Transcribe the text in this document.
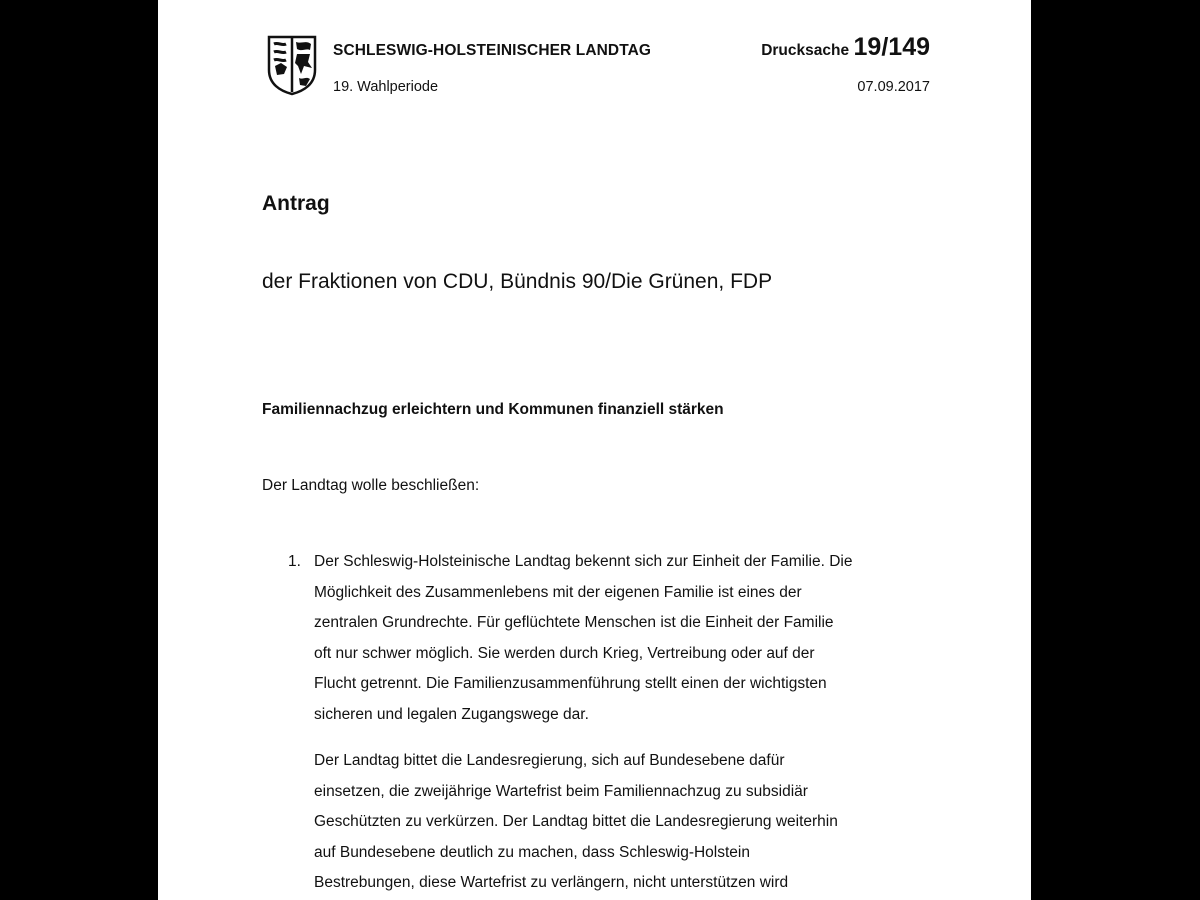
SCHLESWIG-HOLSTEINISCHER LANDTAG
19. Wahlperiode
Drucksache 19/149
07.09.2017
Antrag
der Fraktionen von CDU, Bündnis 90/Die Grünen, FDP
Familiennachzug erleichtern und Kommunen finanziell stärken
Der Landtag wolle beschließen:
1. Der Schleswig-Holsteinische Landtag bekennt sich zur Einheit der Familie. Die
Möglichkeit des Zusammenlebens mit der eigenen Familie ist eines der
zentralen Grundrechte. Für geflüchtete Menschen ist die Einheit der Familie
oft nur schwer möglich. Sie werden durch Krieg, Vertreibung oder auf der
Flucht getrennt. Die Familienzusammenführung stellt einen der wichtigsten
sicheren und legalen Zugangswege dar.

Der Landtag bittet die Landesregierung, sich auf Bundesebene dafür
einsetzen, die zweijährige Wartefrist beim Familiennachzug zu subsidiär
Geschützten zu verkürzen. Der Landtag bittet die Landesregierung weiterhin
auf Bundesebene deutlich zu machen, dass Schleswig-Holstein
Bestrebungen, diese Wartefrist zu verlängern, nicht unterstützen wird
